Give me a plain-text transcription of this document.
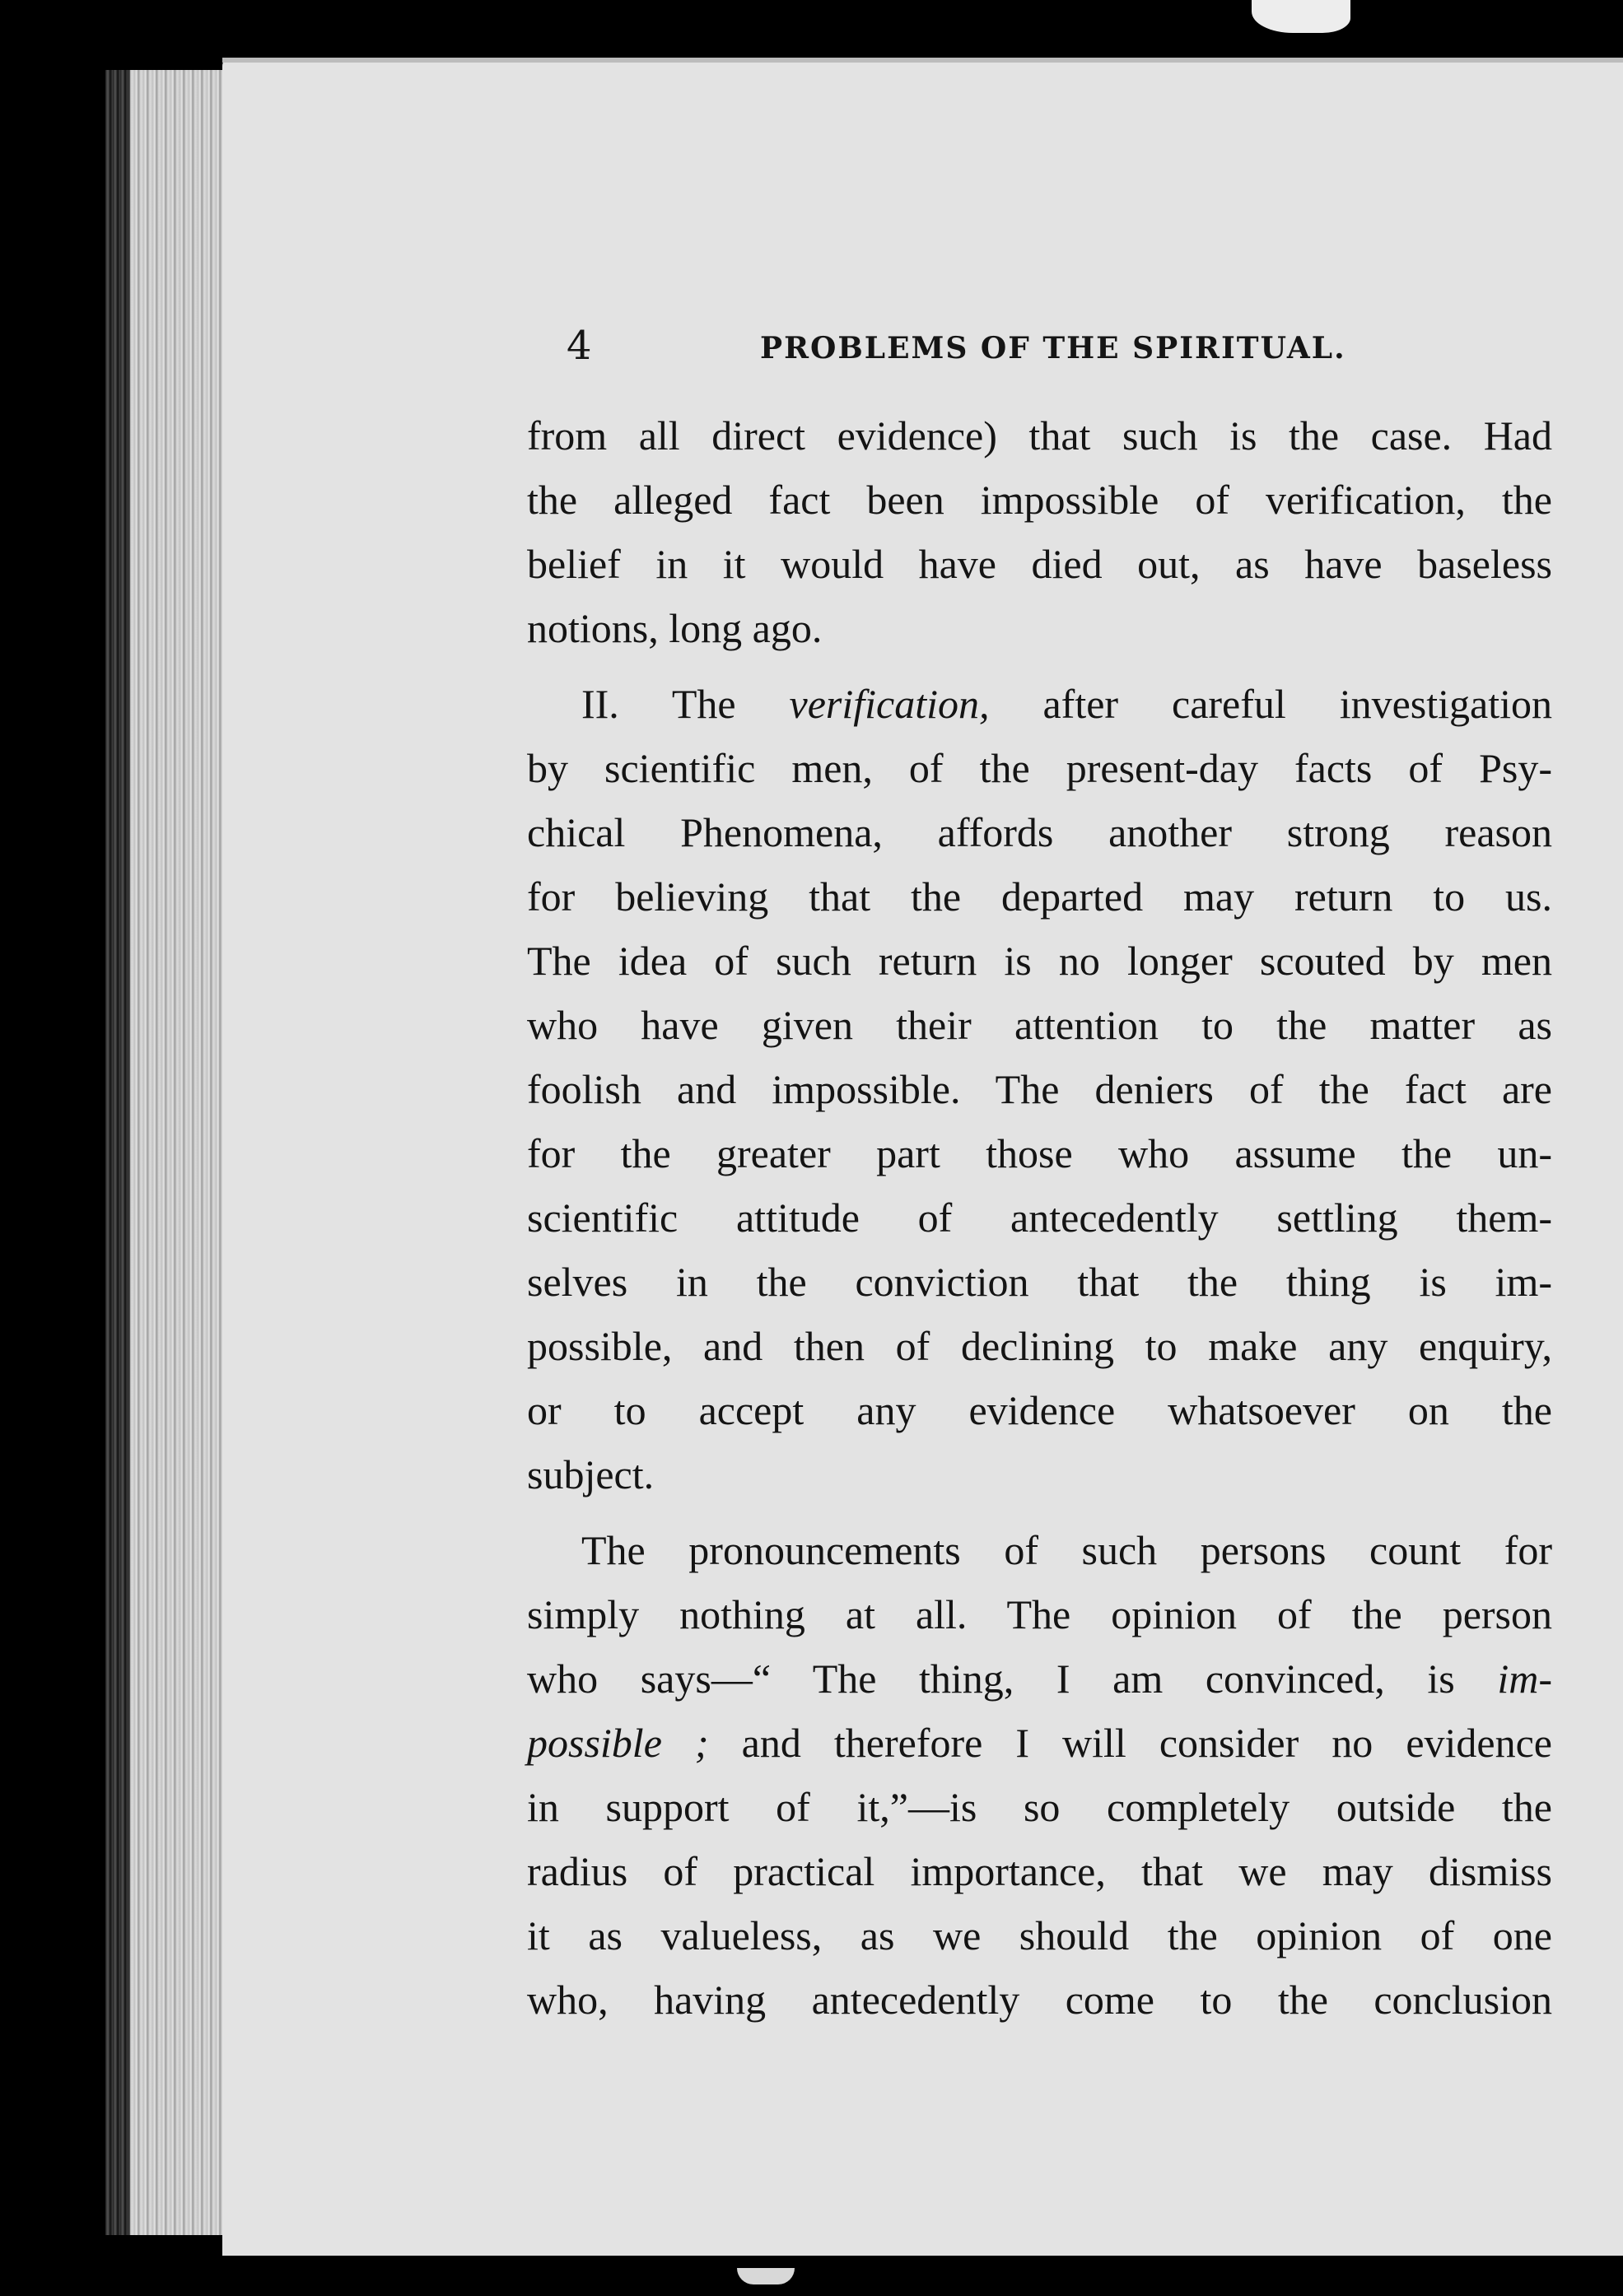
4	PROBLEMS OF THE SPIRITUAL.
from all direct evidence) that such is the case. Had
the alleged fact been impossible of verification, the
belief in it would have died out, as have baseless
notions, long ago.
II. The verification, after careful investigation
by scientific men, of the present-day facts of Psy-
chical Phenomena, affords another strong reason
for believing that the departed may return to us.
The idea of such return is no longer scouted by men
who have given their attention to the matter as
foolish and impossible. The deniers of the fact are
for the greater part those who assume the un-
scientific attitude of antecedently settling them-
selves in the conviction that the thing is im-
possible, and then of declining to make any enquiry,
or to accept any evidence whatsoever on the
subject.
The pronouncements of such persons count for
simply nothing at all. The opinion of the person
who says—“ The thing, I am convinced, is im-
possible ; and therefore I will consider no evidence
in support of it,”—is so completely outside the
radius of practical importance, that we may dismiss
it as valueless, as we should the opinion of one
who, having antecedently come to the conclusion
